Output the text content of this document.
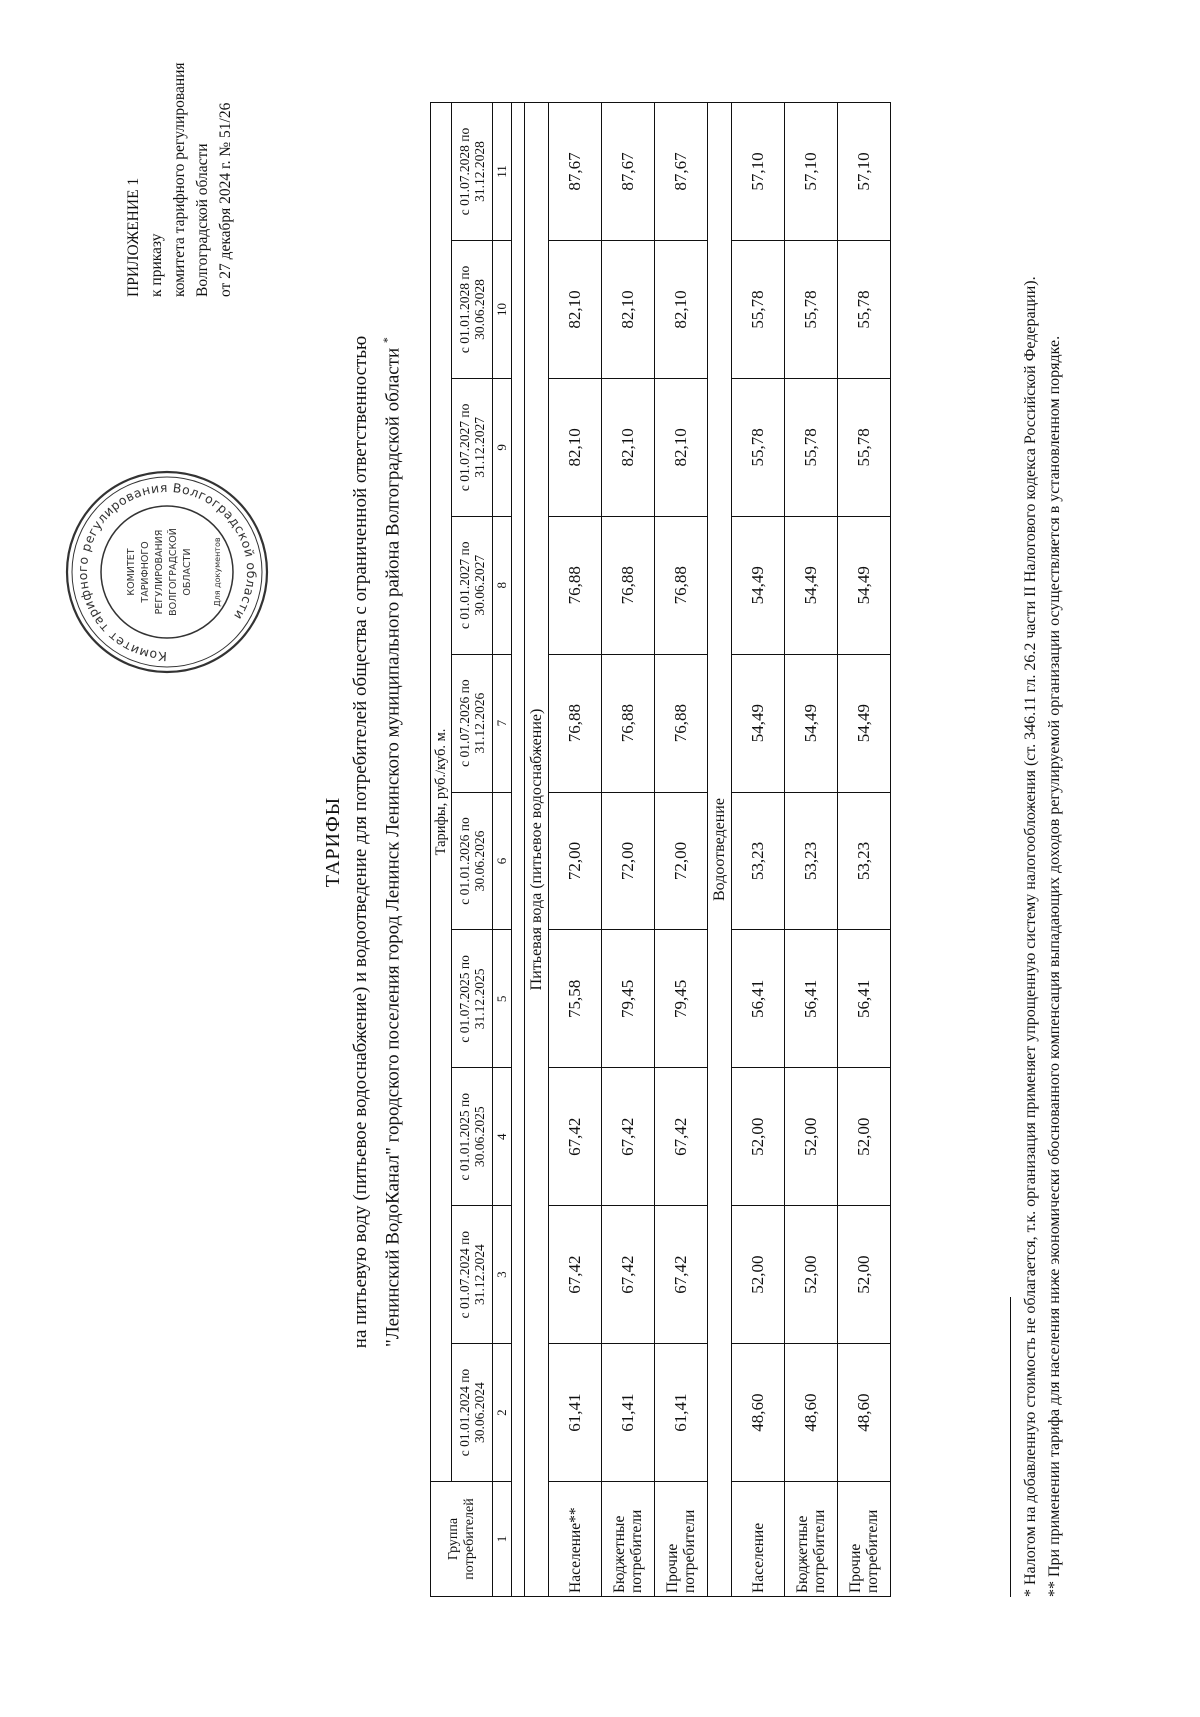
Комитет тарифного регулирования Волгоградской области
КОМИТЕТ ТАРИФНОГО РЕГУЛИРОВАНИЯ ВОЛГОГРАДСКОЙ ОБЛАСТИ	Для документов
ПРИЛОЖЕНИЕ 1 к приказу комитета тарифного регулирования Волгоградской области от 27 декабря 2024 г. № 51/26
ТАРИФЫ на питьевую воду (питьевое водоснабжение) и водоотведение для потребителей общества с ограниченной ответственностью "Ленинский ВодоКанал" городского поселения город Ленинск Ленинского муниципального района Волгоградской области *
Группа потребителей	Тарифы, руб./куб. м.									
	с 01.01.2024 по 30.06.2024	с 01.07.2024 по 31.12.2024	с 01.01.2025 по 30.06.2025	с 01.07.2025 по 31.12.2025	с 01.01.2026 по 30.06.2026	с 01.07.2026 по 31.12.2026	с 01.01.2027 по 30.06.2027	с 01.07.2027 по 31.12.2027	с 01.01.2028 по 30.06.2028	с 01.07.2028 по 31.12.2028
1	2	3	4	5	6	7	8	9	10	11

Питьевая вода (питьевое водоснабжение)										
Население**	61,41	67,42	67,42	75,58	72,00	76,88	76,88	82,10	82,10	87,67
Бюджетные потребители	61,41	67,42	67,42	79,45	72,00	76,88	76,88	82,10	82,10	87,67
Прочие потребители	61,41	67,42	67,42	79,45	72,00	76,88	76,88	82,10	82,10	87,67
Водоотведение										
Население	48,60	52,00	52,00	56,41	53,23	54,49	54,49	55,78	55,78	57,10
Бюджетные потребители	48,60	52,00	52,00	56,41	53,23	54,49	54,49	55,78	55,78	57,10
Прочие потребители	48,60	52,00	52,00	56,41	53,23	54,49	54,49	55,78	55,78	57,10

* Налогом на добавленную стоимость не облагается, т.к. организация применяет упрощенную систему налогообложения (ст. 346.11 гл. 26.2 части II Налогового кодекса Российской Федерации). ** При применении тарифа для населения ниже экономически обоснованного компенсация выпадающих доходов регулируемой организации осуществляется в установленном порядке.
